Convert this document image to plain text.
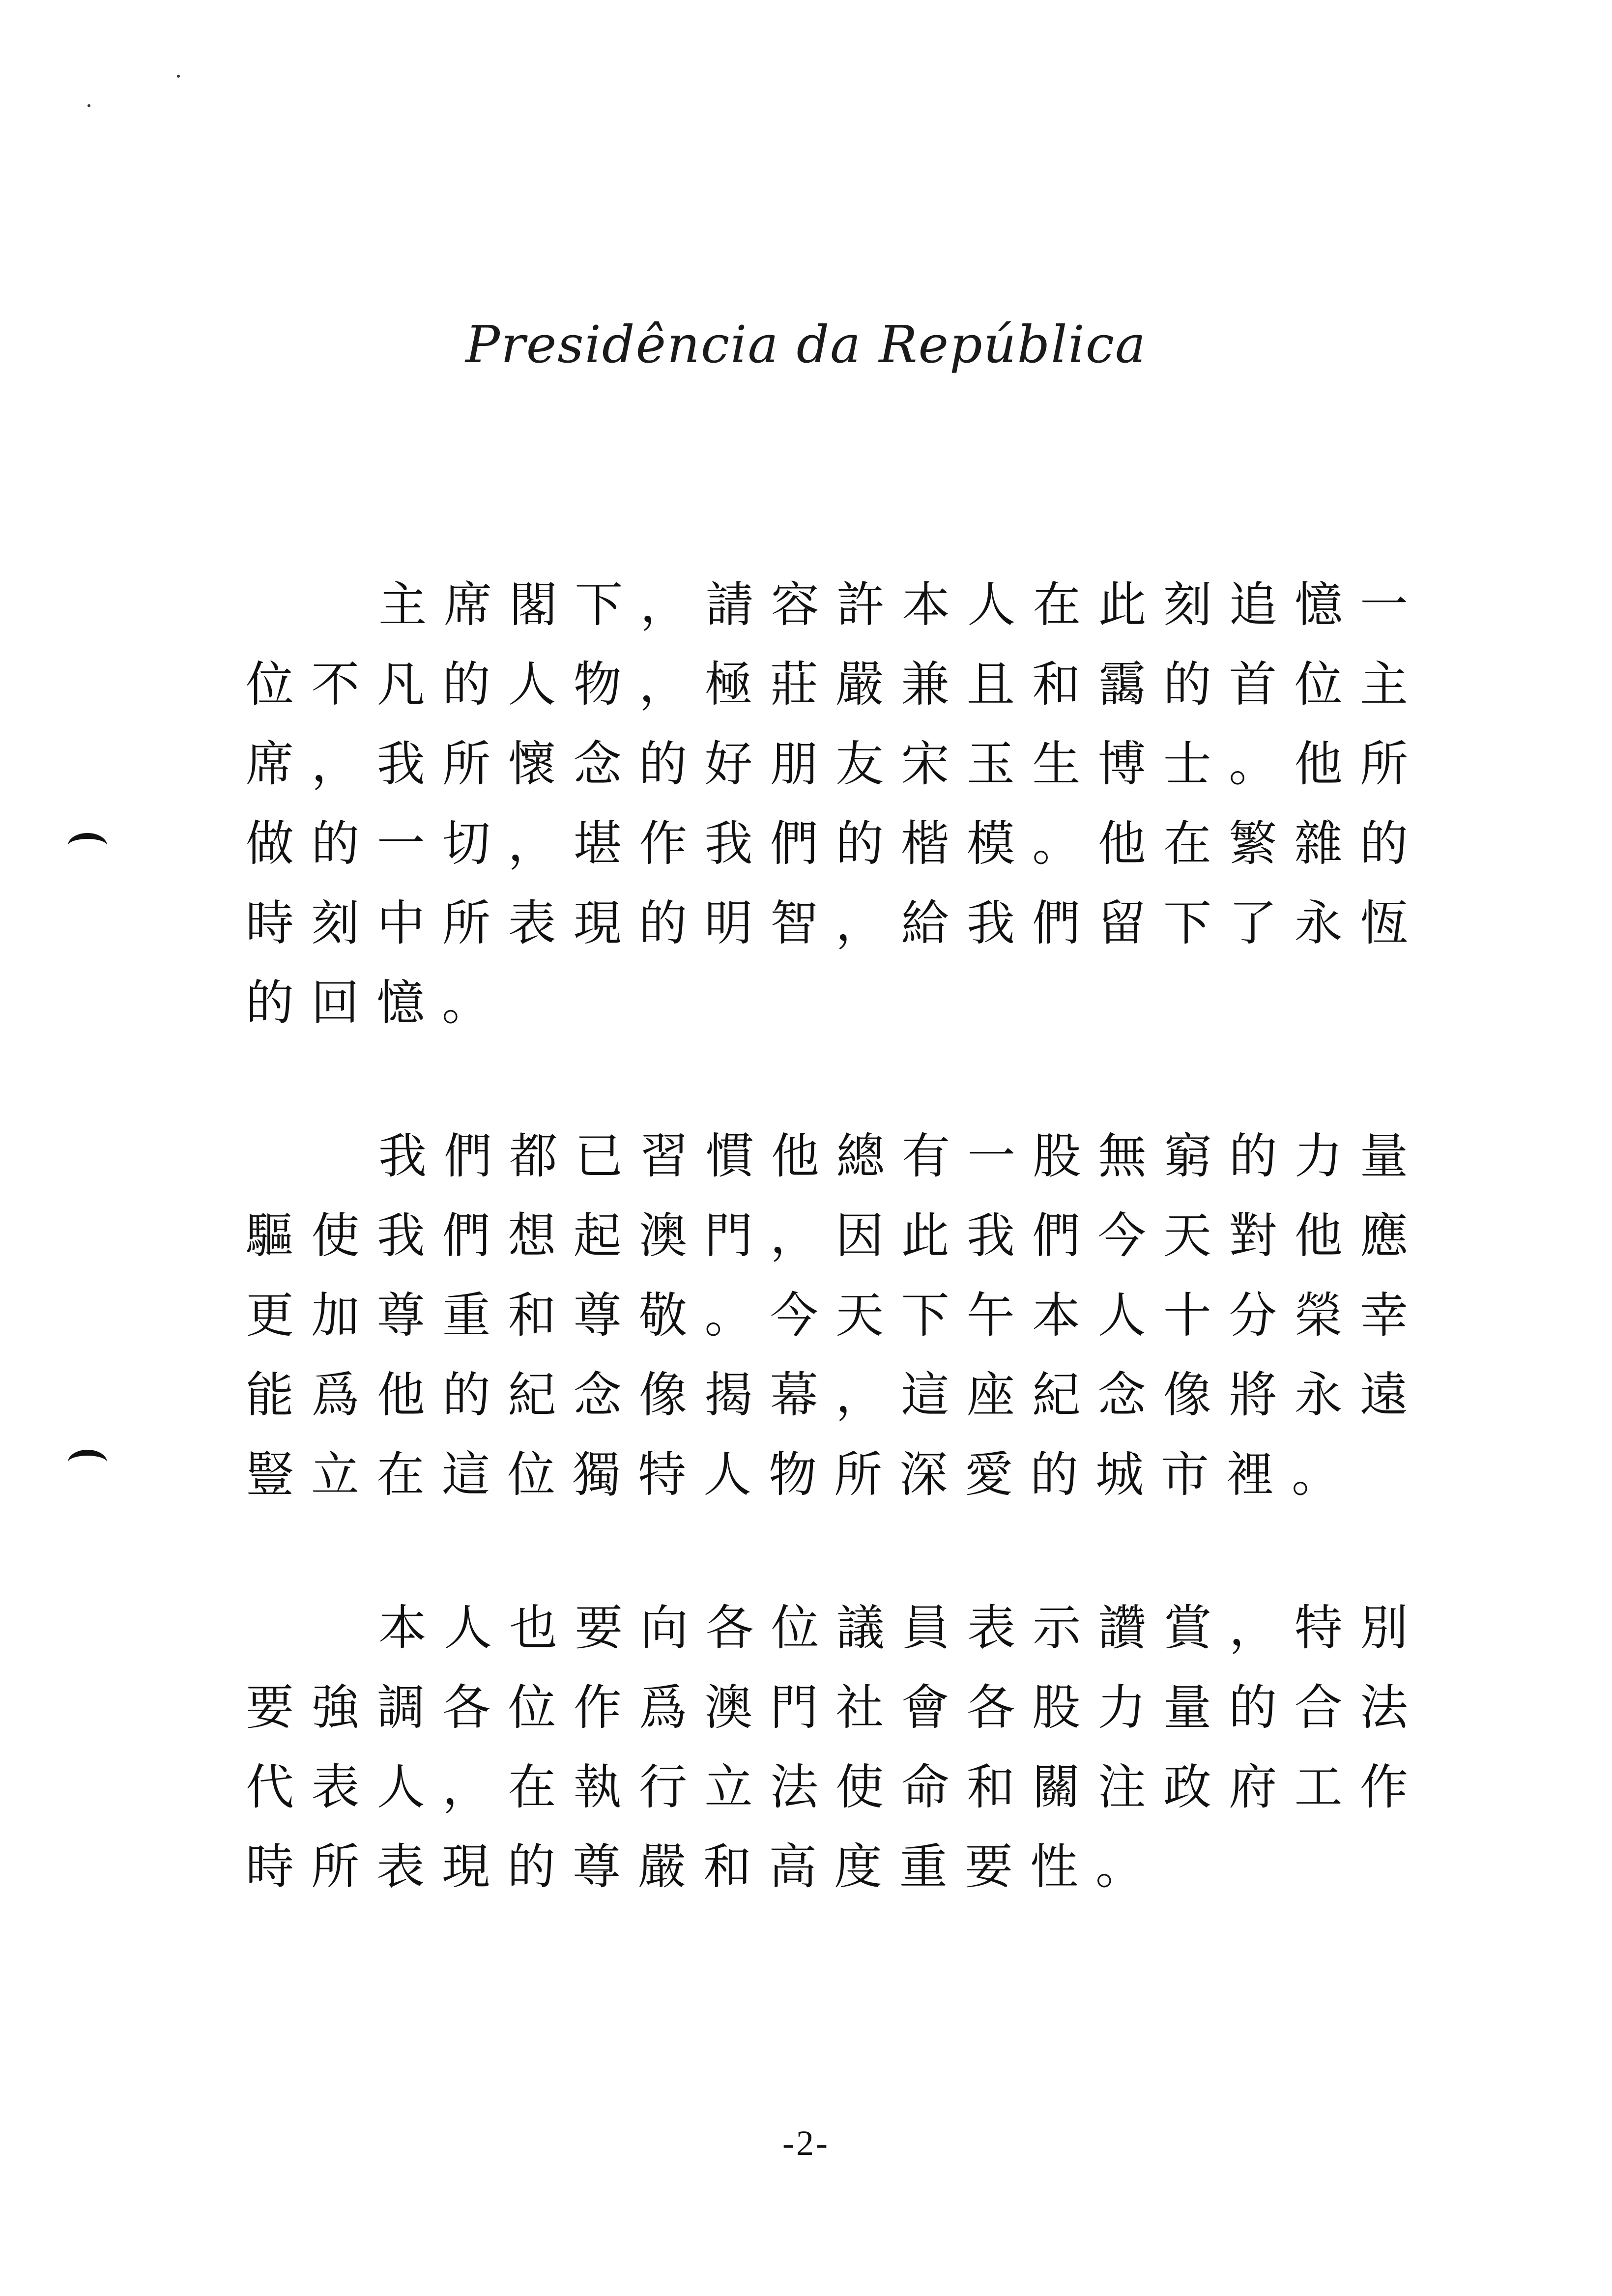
Presidência da República

主席閣下，請容許本人在此刻追憶一位不凡的人物，極莊嚴兼且和靄的首位主席，我所懷念的好朋友宋玉生博士。他所做的一切，堪作我們的楷模。他在繁雜的時刻中所表現的明智，給我們留下了永恆的回憶。

我們都已習慣他總有一股無窮的力量驅使我們想起澳門，因此我們今天對他應更加尊重和尊敬。今天下午本人十分榮幸能爲他的紀念像揭幕，這座紀念像將永遠豎立在這位獨特人物所深愛的城市裡。

本人也要向各位議員表示讚賞，特別要強調各位作爲澳門社會各股力量的合法代表人，在執行立法使命和關注政府工作時所表現的尊嚴和高度重要性。

-2-
